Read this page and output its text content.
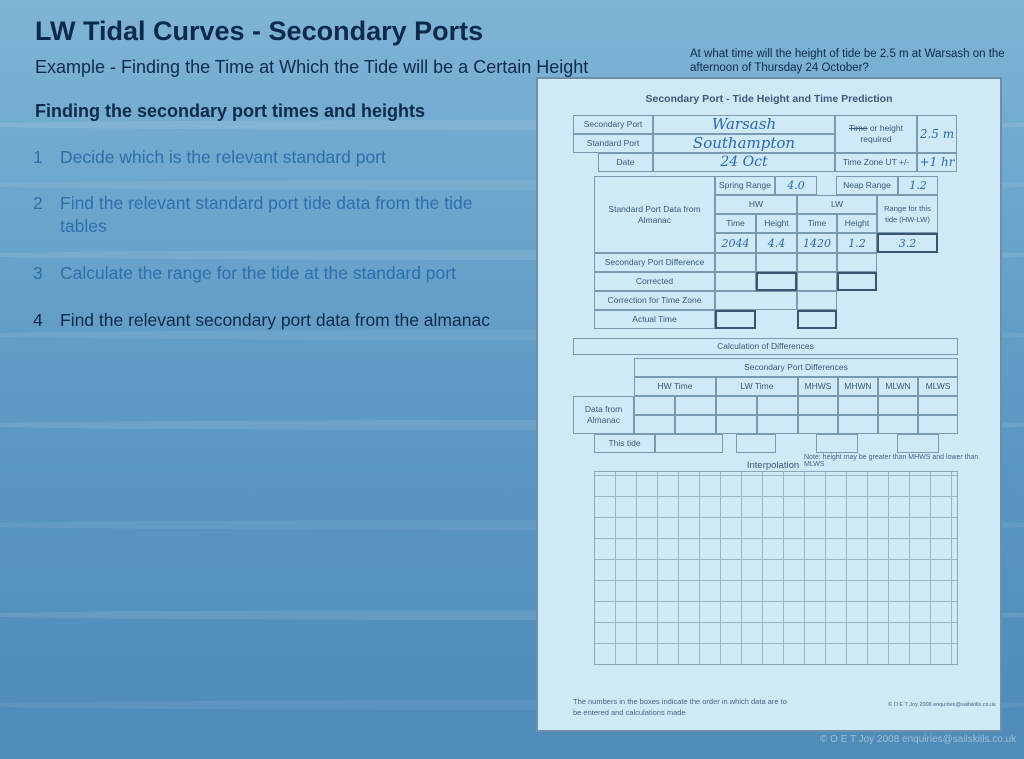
LW Tidal Curves - Secondary Ports
Example - Finding the Time at Which the Tide will be a Certain Height
At what time will the height of tide be 2.5 m at Warsash on the afternoon of Thursday 24 October?
Finding the secondary port times and heights
1 Decide which is the relevant standard port
2 Find the relevant standard port tide data from the tide tables
3 Calculate the range for the tide at the standard port
4 Find the relevant secondary port data from the almanac
Secondary Port - Tide Height and Time Prediction
Secondary Port	Warsash
Standard Port	Southampton
Date	24 Oct
Time or height
required 2.5 m
Time Zone UT +/- +1 hr
Standard Port Data from Almanac
Spring Range	4.0	Neap Range	1.2
HW	LW	Range for this tide (HW-LW)
Time	Height	Time	Height
2044	4.4	1420	1.2	3.2
Secondary Port Difference
Corrected
Correction for Time Zone
Actual Time
Calculation of Differences
Secondary Port Differences
HW Time	LW Time	MHWS	MHWN	MLWN	MLWS
Data from Almanac
This tide
Note: height may be greater than MHWS and lower than MLWS
Interpolation
The numbers in the boxes indicate the order in which data are to be entered and calculations made
© O E T Joy 2008 enquiries@sailskills.co.uk
© O E T Joy 2008 enquiries@sailskills.co.uk
